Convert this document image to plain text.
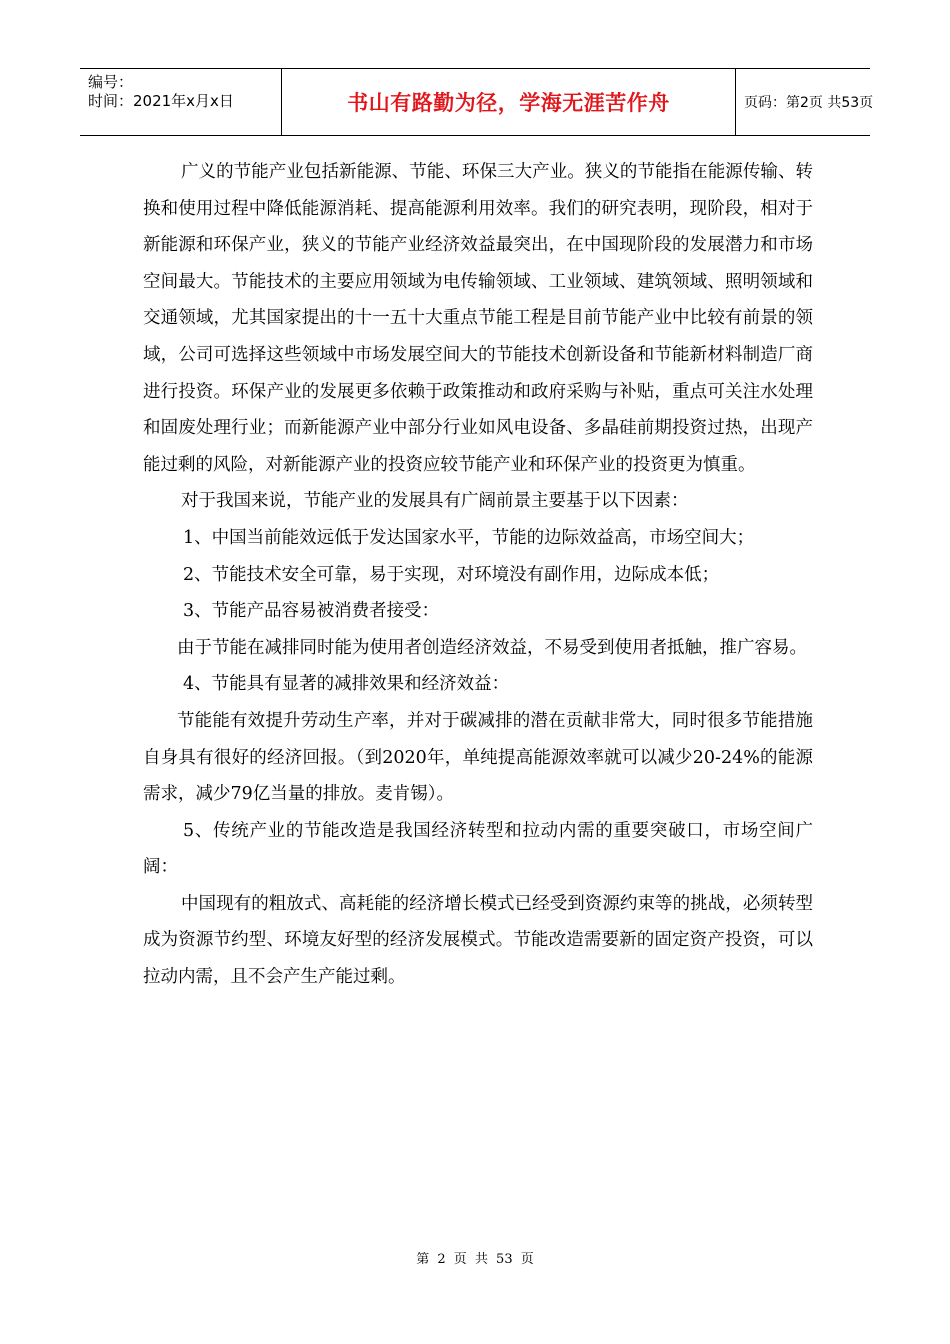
编号：
时间：2021年x月x日	书山有路勤为径，学海无涯苦作舟	页码：第2页 共53页

广义的节能产业包括新能源、节能、环保三大产业。狭义的节能指在能源传输、转换和使用过程中降低能源消耗、提高能源利用效率。我们的研究表明，现阶段，相对于新能源和环保产业，狭义的节能产业经济效益最突出，在中国现阶段的发展潜力和市场空间最大。节能技术的主要应用领域为电传输领域、工业领域、建筑领域、照明领域和交通领域，尤其国家提出的十一五十大重点节能工程是目前节能产业中比较有前景的领域，公司可选择这些领域中市场发展空间大的节能技术创新设备和节能新材料制造厂商进行投资。环保产业的发展更多依赖于政策推动和政府采购与补贴，重点可关注水处理和固废处理行业；而新能源产业中部分行业如风电设备、多晶硅前期投资过热，出现产能过剩的风险，对新能源产业的投资应较节能产业和环保产业的投资更为慎重。

对于我国来说，节能产业的发展具有广阔前景主要基于以下因素：

1、中国当前能效远低于发达国家水平，节能的边际效益高，市场空间大；

2、节能技术安全可靠，易于实现，对环境没有副作用，边际成本低；

3、节能产品容易被消费者接受：

由于节能在减排同时能为使用者创造经济效益，不易受到使用者抵触，推广容易。

4、节能具有显著的减排效果和经济效益：

节能能有效提升劳动生产率，并对于碳减排的潜在贡献非常大，同时很多节能措施自身具有很好的经济回报。（到2020年，单纯提高能源效率就可以减少20-24%的能源需求，减少79亿当量的排放。麦肯锡）。

5、传统产业的节能改造是我国经济转型和拉动内需的重要突破口，市场空间广阔：

中国现有的粗放式、高耗能的经济增长模式已经受到资源约束等的挑战，必须转型成为资源节约型、环境友好型的经济发展模式。节能改造需要新的固定资产投资，可以拉动内需，且不会产生产能过剩。

第 2 页 共 53 页
